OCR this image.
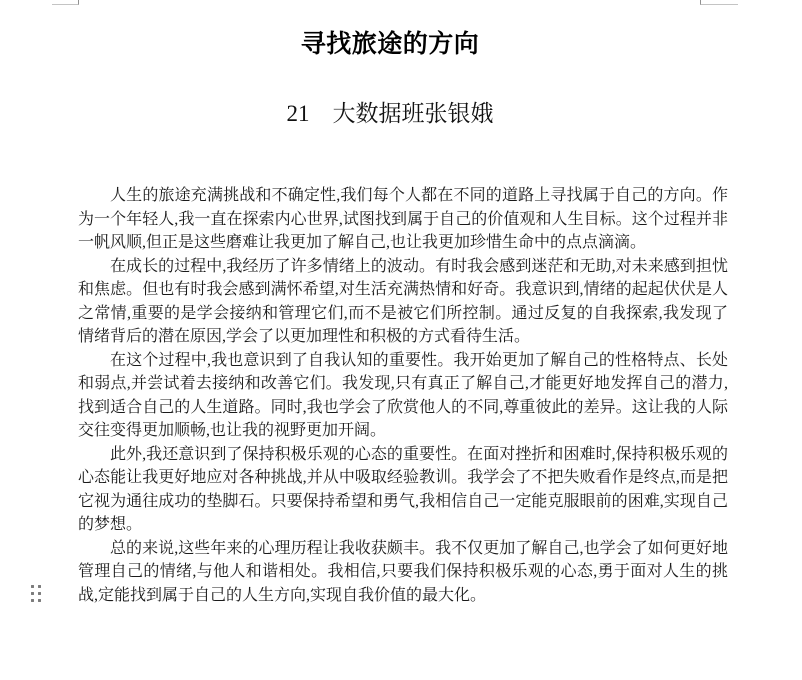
寻找旅途的方向
21　大数据班张银娥

人生的旅途充满挑战和不确定性,我们每个人都在不同的道路上寻找属于自己的方向。作为一个年轻人,我一直在探索内心世界,试图找到属于自己的价值观和人生目标。这个过程并非一帆风顺,但正是这些磨难让我更加了解自己,也让我更加珍惜生命中的点点滴滴。

在成长的过程中,我经历了许多情绪上的波动。有时我会感到迷茫和无助,对未来感到担忧和焦虑。但也有时我会感到满怀希望,对生活充满热情和好奇。我意识到,情绪的起起伏伏是人之常情,重要的是学会接纳和管理它们,而不是被它们所控制。通过反复的自我探索,我发现了情绪背后的潜在原因,学会了以更加理性和积极的方式看待生活。

在这个过程中,我也意识到了自我认知的重要性。我开始更加了解自己的性格特点、长处和弱点,并尝试着去接纳和改善它们。我发现,只有真正了解自己,才能更好地发挥自己的潜力,找到适合自己的人生道路。同时,我也学会了欣赏他人的不同,尊重彼此的差异。这让我的人际交往变得更加顺畅,也让我的视野更加开阔。

此外,我还意识到了保持积极乐观的心态的重要性。在面对挫折和困难时,保持积极乐观的心态能让我更好地应对各种挑战,并从中吸取经验教训。我学会了不把失败看作是终点,而是把它视为通往成功的垫脚石。只要保持希望和勇气,我相信自己一定能克服眼前的困难,实现自己的梦想。

总的来说,这些年来的心理历程让我收获颇丰。我不仅更加了解自己,也学会了如何更好地管理自己的情绪,与他人和谐相处。我相信,只要我们保持积极乐观的心态,勇于面对人生的挑战,定能找到属于自己的人生方向,实现自我价值的最大化。
